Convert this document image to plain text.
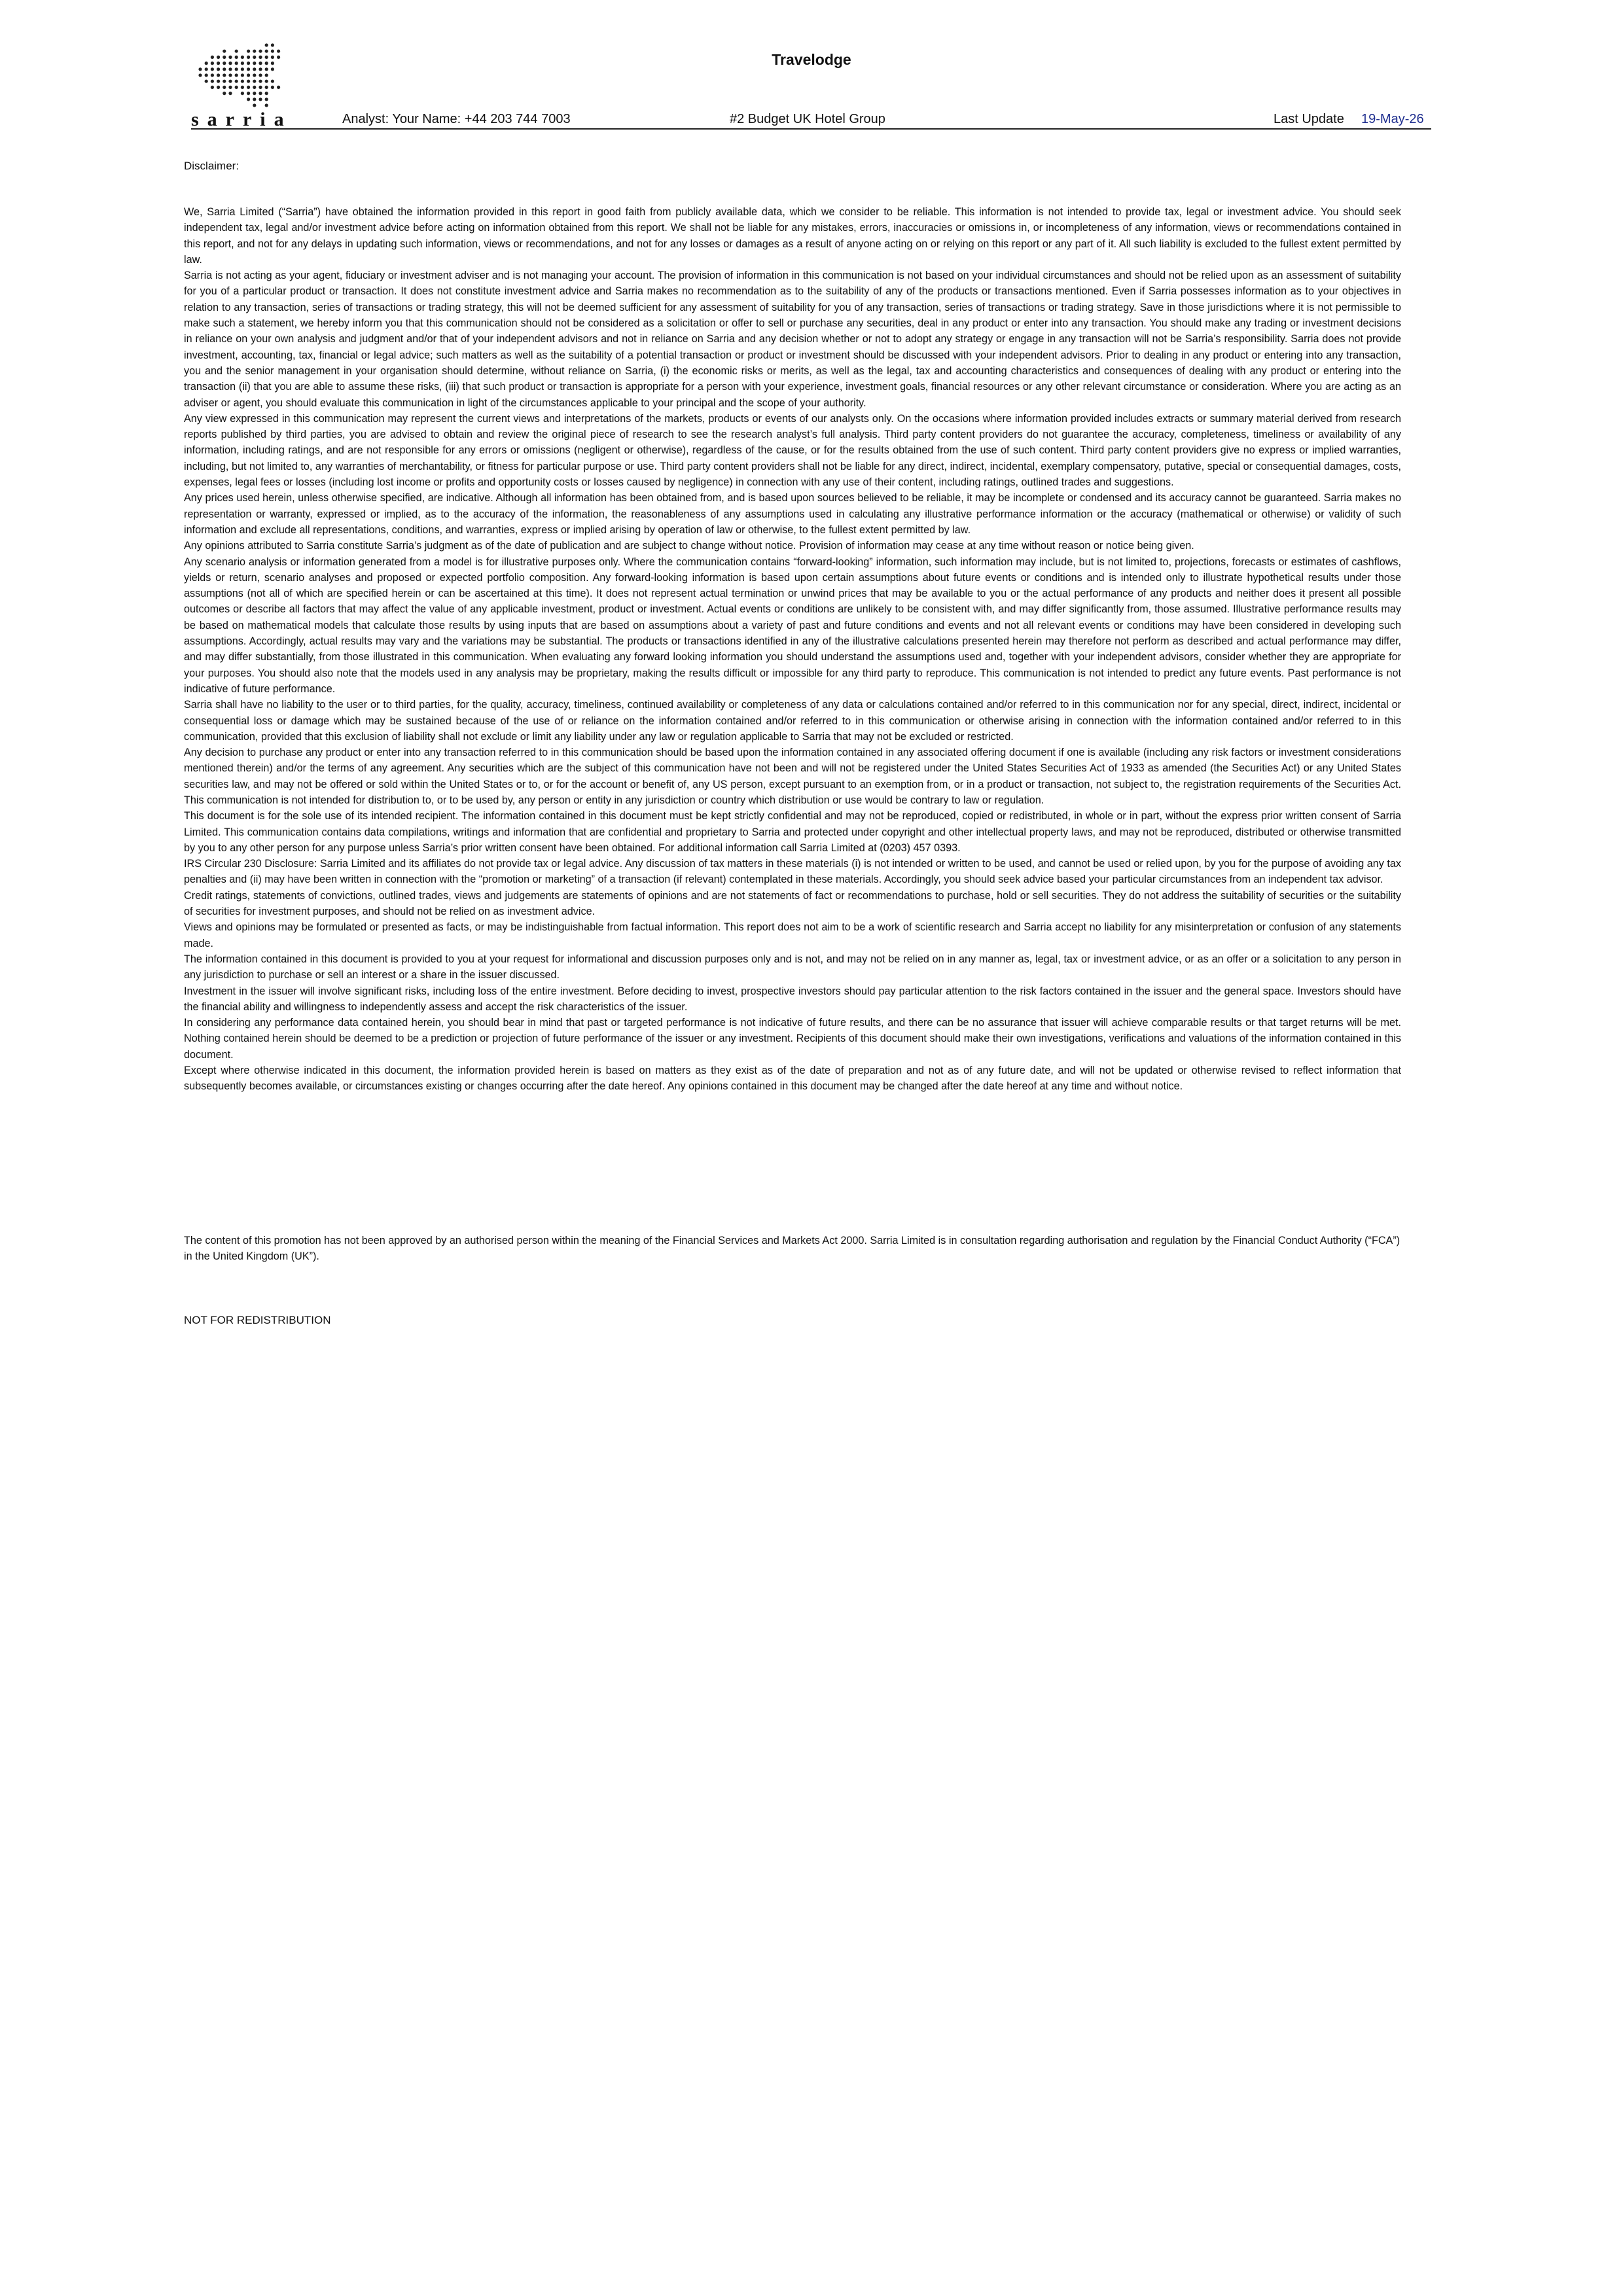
sarria
Travelodge
Analyst: Your Name: +44 203 744 7003	#2 Budget UK Hotel Group	Last Update 19-May-26
Disclaimer:

We, Sarria Limited (“Sarria”) have obtained the information provided in this report in good faith from publicly available data, which we consider to be reliable. This information is not intended to provide tax, legal or investment advice. You should seek independent tax, legal and/or investment advice before acting on information obtained from this report. We shall not be liable for any mistakes, errors, inaccuracies or omissions in, or incompleteness of any information, views or recommendations contained in this report, and not for any delays in updating such information, views or recommendations, and not for any losses or damages as a result of anyone acting on or relying on this report or any part of it. All such liability is excluded to the fullest extent permitted by law.

Sarria is not acting as your agent, fiduciary or investment adviser and is not managing your account. The provision of information in this communication is not based on your individual circumstances and should not be relied upon as an assessment of suitability for you of a particular product or transaction. It does not constitute investment advice and Sarria makes no recommendation as to the suitability of any of the products or transactions mentioned. Even if Sarria possesses information as to your objectives in relation to any transaction, series of transactions or trading strategy, this will not be deemed sufficient for any assessment of suitability for you of any transaction, series of transactions or trading strategy. Save in those jurisdictions where it is not permissible to make such a statement, we hereby inform you that this communication should not be considered as a solicitation or offer to sell or purchase any securities, deal in any product or enter into any transaction. You should make any trading or investment decisions in reliance on your own analysis and judgment and/or that of your independent advisors and not in reliance on Sarria and any decision whether or not to adopt any strategy or engage in any transaction will not be Sarria’s responsibility. Sarria does not provide investment, accounting, tax, financial or legal advice; such matters as well as the suitability of a potential transaction or product or investment should be discussed with your independent advisors. Prior to dealing in any product or entering into any transaction, you and the senior management in your organisation should determine, without reliance on Sarria, (i) the economic risks or merits, as well as the legal, tax and accounting characteristics and consequences of dealing with any product or entering into the transaction (ii) that you are able to assume these risks, (iii) that such product or transaction is appropriate for a person with your experience, investment goals, financial resources or any other relevant circumstance or consideration. Where you are acting as an adviser or agent, you should evaluate this communication in light of the circumstances applicable to your principal and the scope of your authority.

Any view expressed in this communication may represent the current views and interpretations of the markets, products or events of our analysts only. On the occasions where information provided includes extracts or summary material derived from research reports published by third parties, you are advised to obtain and review the original piece of research to see the research analyst’s full analysis. Third party content providers do not guarantee the accuracy, completeness, timeliness or availability of any information, including ratings, and are not responsible for any errors or omissions (negligent or otherwise), regardless of the cause, or for the results obtained from the use of such content. Third party content providers give no express or implied warranties, including, but not limited to, any warranties of merchantability, or fitness for particular purpose or use. Third party content providers shall not be liable for any direct, indirect, incidental, exemplary compensatory, putative, special or consequential damages, costs, expenses, legal fees or losses (including lost income or profits and opportunity costs or losses caused by negligence) in connection with any use of their content, including ratings, outlined trades and suggestions.

Any prices used herein, unless otherwise specified, are indicative. Although all information has been obtained from, and is based upon sources believed to be reliable, it may be incomplete or condensed and its accuracy cannot be guaranteed. Sarria makes no representation or warranty, expressed or implied, as to the accuracy of the information, the reasonableness of any assumptions used in calculating any illustrative performance information or the accuracy (mathematical or otherwise) or validity of such information and exclude all representations, conditions, and warranties, express or implied arising by operation of law or otherwise, to the fullest extent permitted by law.

Any opinions attributed to Sarria constitute Sarria’s judgment as of the date of publication and are subject to change without notice. Provision of information may cease at any time without reason or notice being given.

Any scenario analysis or information generated from a model is for illustrative purposes only. Where the communication contains “forward-looking” information, such information may include, but is not limited to, projections, forecasts or estimates of cashflows, yields or return, scenario analyses and proposed or expected portfolio composition. Any forward-looking information is based upon certain assumptions about future events or conditions and is intended only to illustrate hypothetical results under those assumptions (not all of which are specified herein or can be ascertained at this time). It does not represent actual termination or unwind prices that may be available to you or the actual performance of any products and neither does it present all possible outcomes or describe all factors that may affect the value of any applicable investment, product or investment. Actual events or conditions are unlikely to be consistent with, and may differ significantly from, those assumed. Illustrative performance results may be based on mathematical models that calculate those results by using inputs that are based on assumptions about a variety of past and future conditions and events and not all relevant events or conditions may have been considered in developing such assumptions. Accordingly, actual results may vary and the variations may be substantial. The products or transactions identified in any of the illustrative calculations presented herein may therefore not perform as described and actual performance may differ, and may differ substantially, from those illustrated in this communication. When evaluating any forward looking information you should understand the assumptions used and, together with your independent advisors, consider whether they are appropriate for your purposes. You should also note that the models used in any analysis may be proprietary, making the results difficult or impossible for any third party to reproduce. This communication is not intended to predict any future events. Past performance is not indicative of future performance.

Sarria shall have no liability to the user or to third parties, for the quality, accuracy, timeliness, continued availability or completeness of any data or calculations contained and/or referred to in this communication nor for any special, direct, indirect, incidental or consequential loss or damage which may be sustained because of the use of or reliance on the information contained and/or referred to in this communication or otherwise arising in connection with the information contained and/or referred to in this communication, provided that this exclusion of liability shall not exclude or limit any liability under any law or regulation applicable to Sarria that may not be excluded or restricted.

Any decision to purchase any product or enter into any transaction referred to in this communication should be based upon the information contained in any associated offering document if one is available (including any risk factors or investment considerations mentioned therein) and/or the terms of any agreement. Any securities which are the subject of this communication have not been and will not be registered under the United States Securities Act of 1933 as amended (the Securities Act) or any United States securities law, and may not be offered or sold within the United States or to, or for the account or benefit of, any US person, except pursuant to an exemption from, or in a product or transaction, not subject to, the registration requirements of the Securities Act. This communication is not intended for distribution to, or to be used by, any person or entity in any jurisdiction or country which distribution or use would be contrary to law or regulation.

This document is for the sole use of its intended recipient. The information contained in this document must be kept strictly confidential and may not be reproduced, copied or redistributed, in whole or in part, without the express prior written consent of Sarria Limited. This communication contains data compilations, writings and information that are confidential and proprietary to Sarria and protected under copyright and other intellectual property laws, and may not be reproduced, distributed or otherwise transmitted by you to any other person for any purpose unless Sarria’s prior written consent have been obtained. For additional information call Sarria Limited at (0203) 457 0393.

IRS Circular 230 Disclosure: Sarria Limited and its affiliates do not provide tax or legal advice. Any discussion of tax matters in these materials (i) is not intended or written to be used, and cannot be used or relied upon, by you for the purpose of avoiding any tax penalties and (ii) may have been written in connection with the “promotion or marketing” of a transaction (if relevant) contemplated in these materials. Accordingly, you should seek advice based your particular circumstances from an independent tax advisor.

Credit ratings, statements of convictions, outlined trades, views and judgements are statements of opinions and are not statements of fact or recommendations to purchase, hold or sell securities. They do not address the suitability of securities or the suitability of securities for investment purposes, and should not be relied on as investment advice.

Views and opinions may be formulated or presented as facts, or may be indistinguishable from factual information. This report does not aim to be a work of scientific research and Sarria accept no liability for any misinterpretation or confusion of any statements made.

The information contained in this document is provided to you at your request for informational and discussion purposes only and is not, and may not be relied on in any manner as, legal, tax or investment advice, or as an offer or a solicitation to any person in any jurisdiction to purchase or sell an interest or a share in the issuer discussed.

Investment in the issuer will involve significant risks, including loss of the entire investment. Before deciding to invest, prospective investors should pay particular attention to the risk factors contained in the issuer and the general space. Investors should have the financial ability and willingness to independently assess and accept the risk characteristics of the issuer.

In considering any performance data contained herein, you should bear in mind that past or targeted performance is not indicative of future results, and there can be no assurance that issuer will achieve comparable results or that target returns will be met. Nothing contained herein should be deemed to be a prediction or projection of future performance of the issuer or any investment. Recipients of this document should make their own investigations, verifications and valuations of the information contained in this document.

Except where otherwise indicated in this document, the information provided herein is based on matters as they exist as of the date of preparation and not as of any future date, and will not be updated or otherwise revised to reflect information that subsequently becomes available, or circumstances existing or changes occurring after the date hereof. Any opinions contained in this document may be changed after the date hereof at any time and without notice.

The content of this promotion has not been approved by an authorised person within the meaning of the Financial Services and Markets Act 2000. Sarria Limited is in consultation regarding authorisation and regulation by the Financial Conduct Authority (“FCA”) in the United Kingdom (UK”).
NOT FOR REDISTRIBUTION
